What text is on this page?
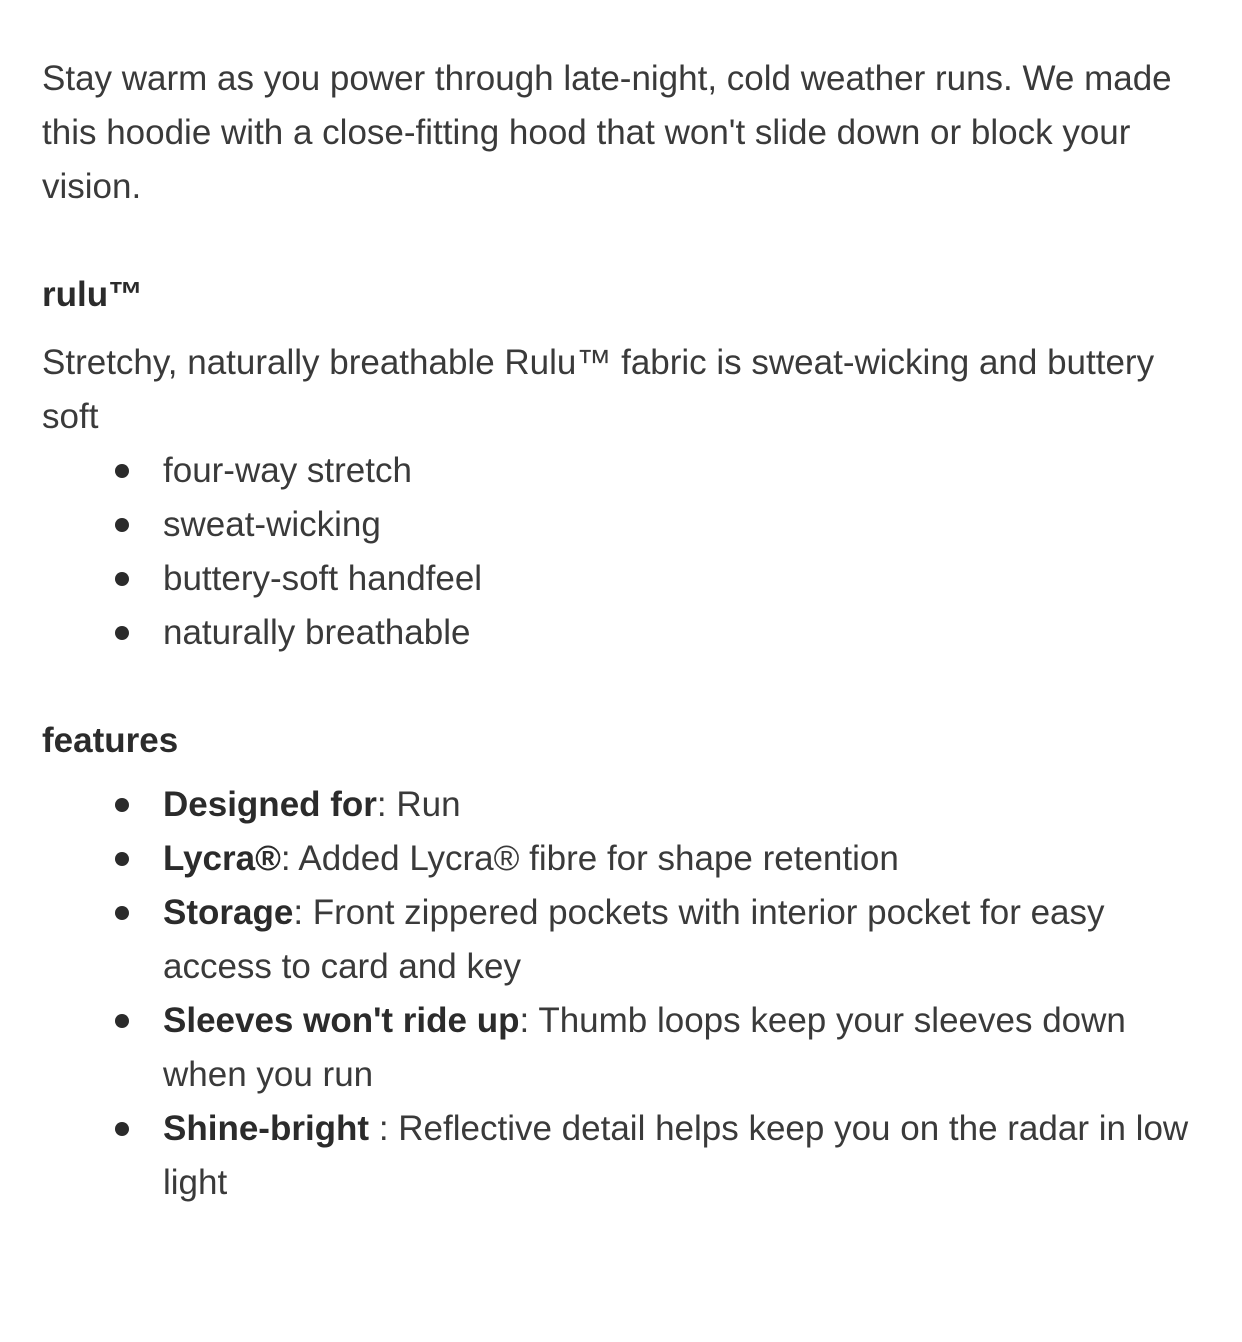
Stay warm as you power through late-night, cold weather runs. We made this hoodie with a close-fitting hood that won't slide down or block your vision.

rulu™

Stretchy, naturally breathable Rulu™ fabric is sweat-wicking and buttery soft

four-way stretch
sweat-wicking
buttery-soft handfeel
naturally breathable
features
Designed for: Run
Lycra®: Added Lycra® fibre for shape retention
Storage: Front zippered pockets with interior pocket for easy access to card and key
Sleeves won't ride up: Thumb loops keep your sleeves down when you run
Shine-bright : Reflective detail helps keep you on the radar in low light
